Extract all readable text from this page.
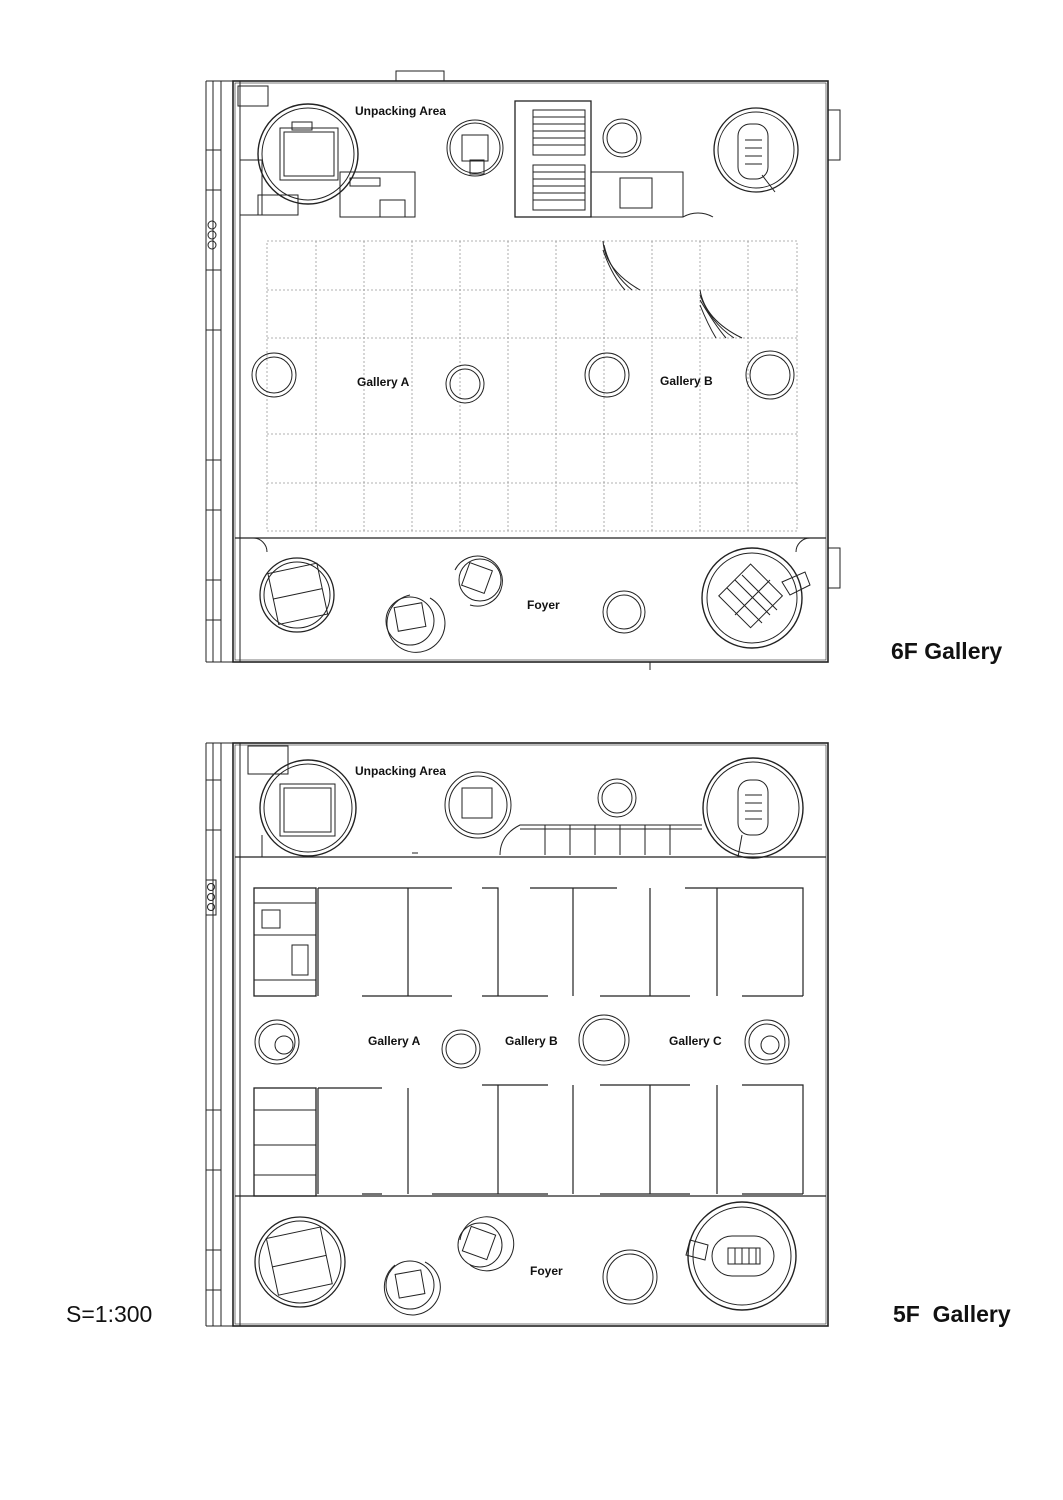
Unpacking Area
Gallery A	Gallery B
Foyer
6F Gallery
Unpacking Area
Gallery A	Gallery B	Gallery C
Foyer
5F  Gallery
S=1:300
